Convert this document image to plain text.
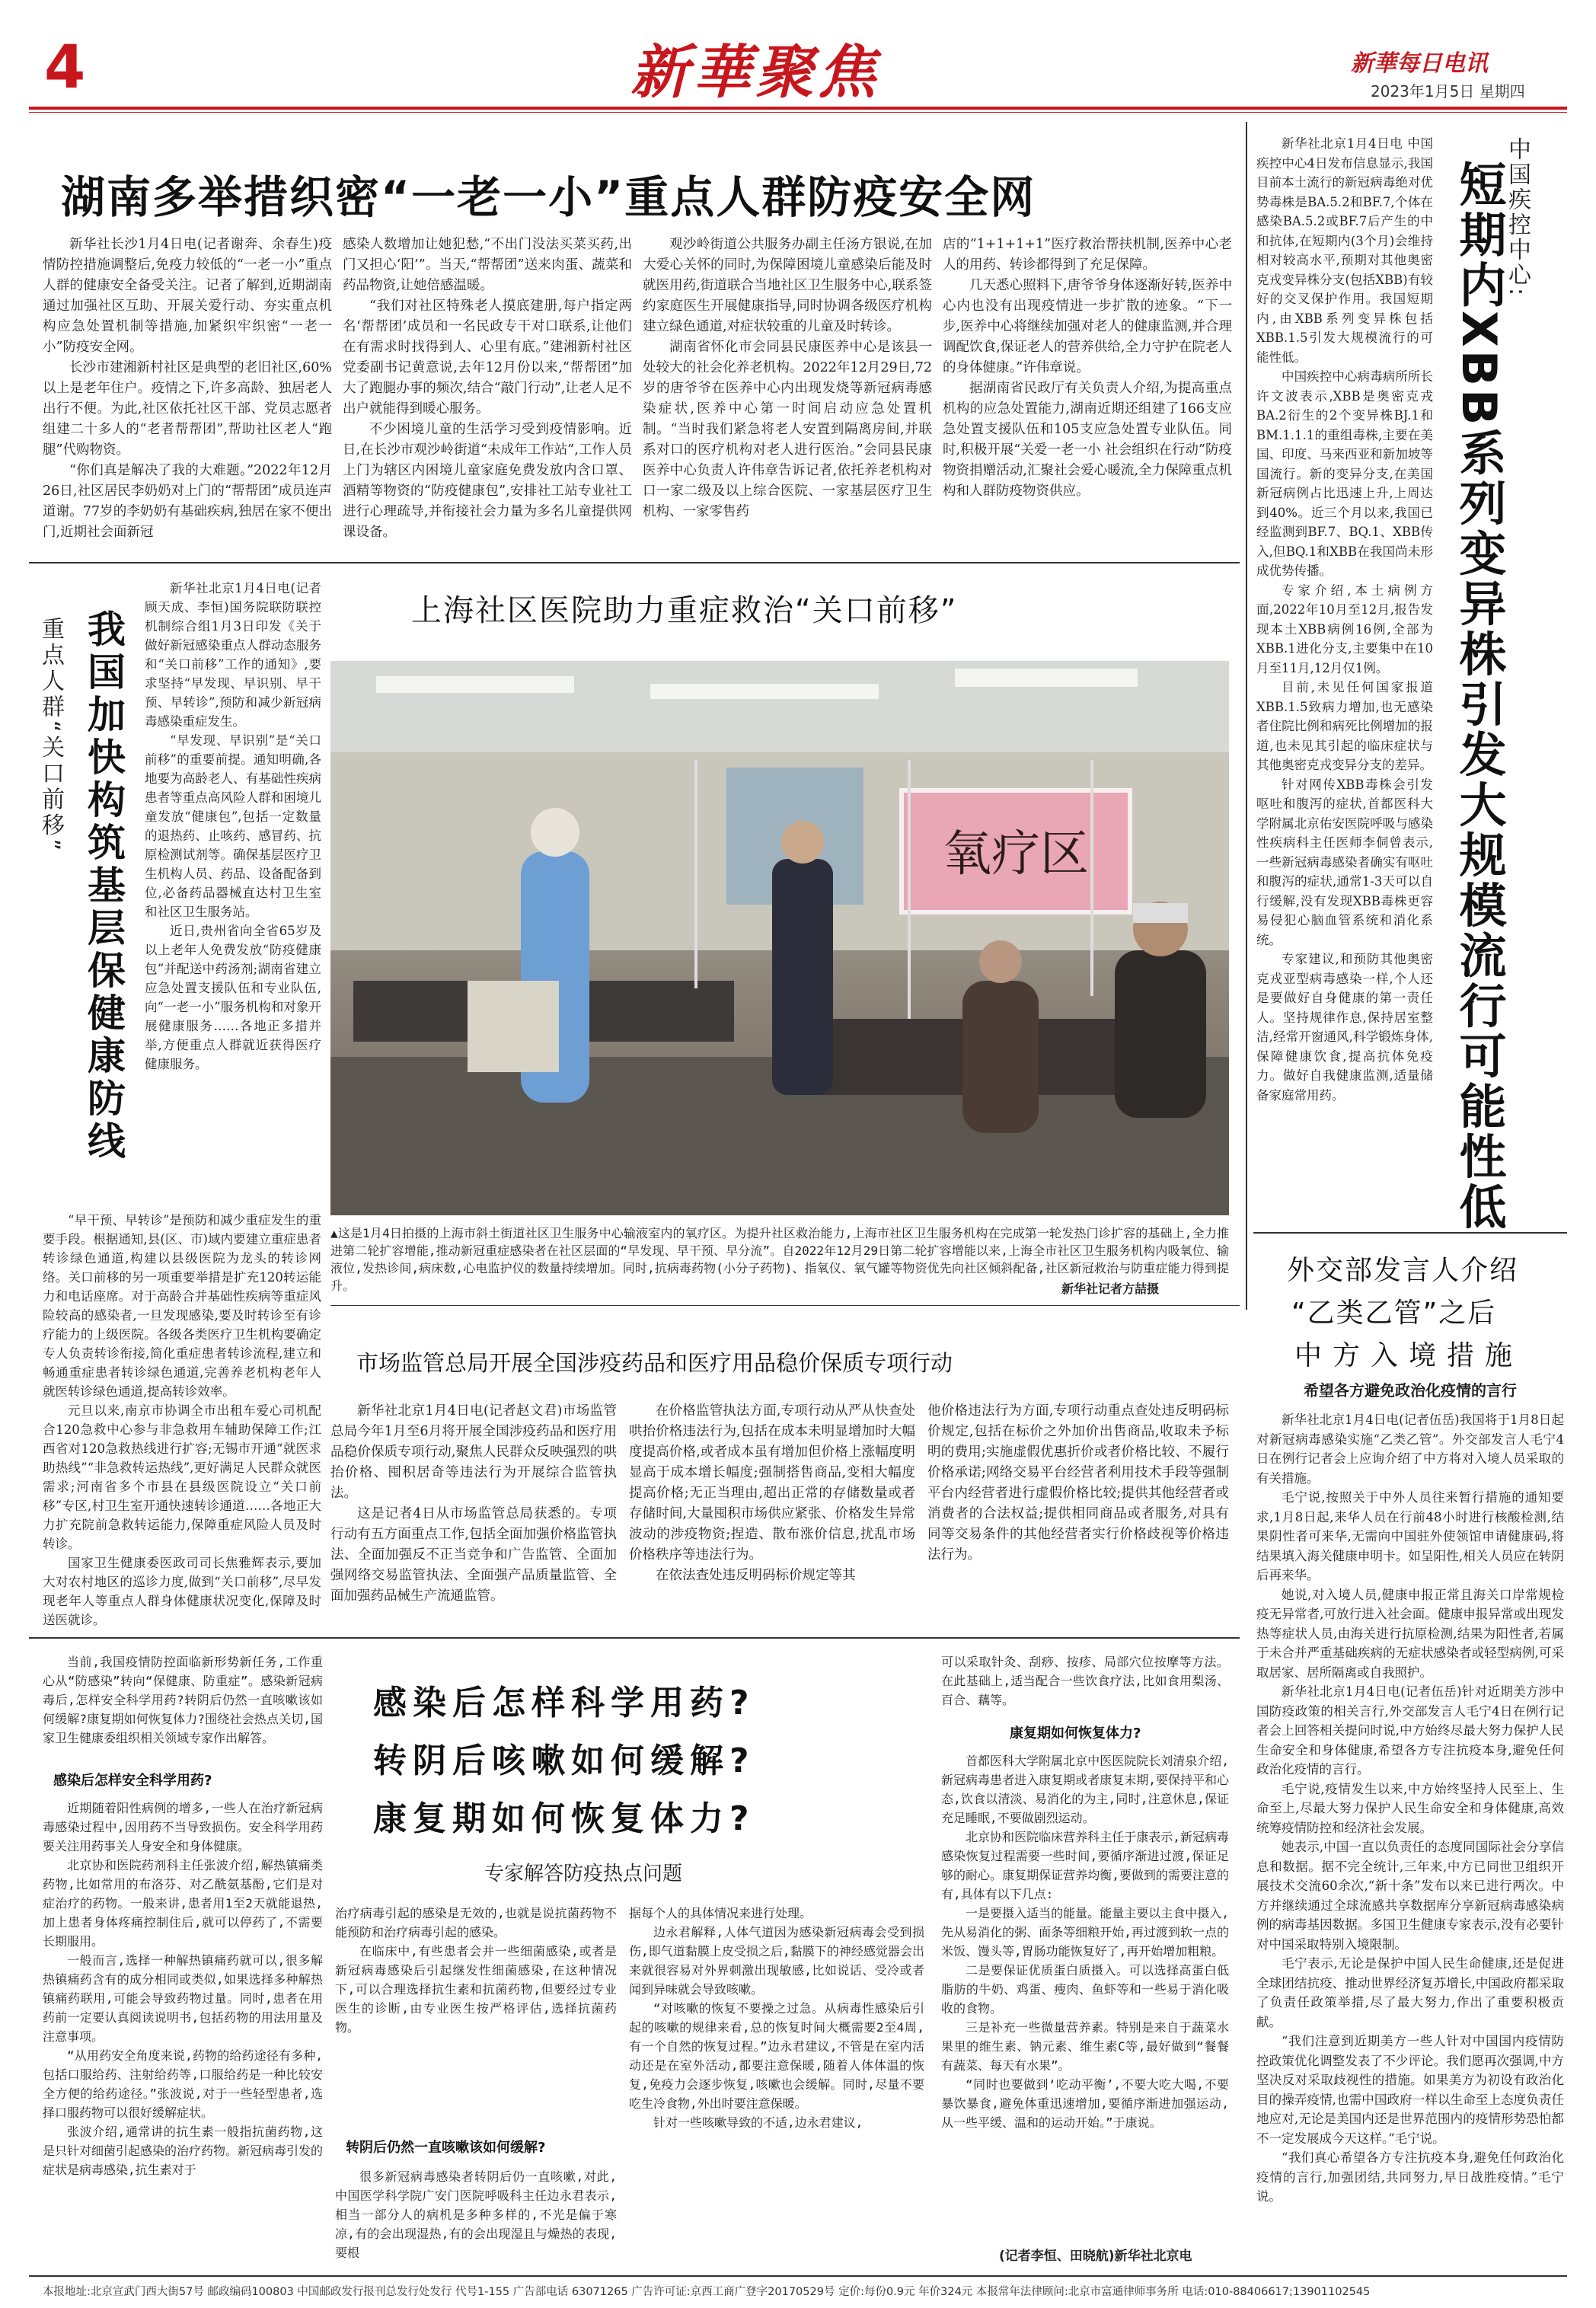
4	新華聚焦	新華每日电讯
2023年1月5日 星期四
湖南多举措织密“一老一小”重点人群防疫安全网

新华社长沙1月4日电(记者谢奔、余春生)疫情防控措施调整后,免疫力较低的“一老一小”重点人群的健康安全备受关注。记者了解到,近期湖南通过加强社区互助、开展关爱行动、夯实重点机构应急处置机制等措施,加紧织牢织密“一老一小”防疫安全网。

长沙市建湘新村社区是典型的老旧社区,60%以上是老年住户。疫情之下,许多高龄、独居老人出行不便。为此,社区依托社区干部、党员志愿者组建二十多人的“老者帮帮团”,帮助社区老人“跑腿”代购物资。

“你们真是解决了我的大难题。”2022年12月26日,社区居民李奶奶对上门的“帮帮团”成员连声道谢。77岁的李奶奶有基础疾病,独居在家不便出门,近期社会面新冠

感染人数增加让她犯愁,“不出门没法买菜买药,出门又担心‘阳’”。当天,“帮帮团”送来肉蛋、蔬菜和药品物资,让她倍感温暖。

“我们对社区特殊老人摸底建册,每户指定两名‘帮帮团’成员和一名民政专干对口联系,让他们在有需求时找得到人、心里有底。”建湘新村社区党委副书记黄意说,去年12月份以来,“帮帮团”加大了跑腿办事的频次,结合“敲门行动”,让老人足不出户就能得到暖心服务。

不少困境儿童的生活学习受到疫情影响。近日,在长沙市观沙岭街道“未成年工作站”,工作人员上门为辖区内困境儿童家庭免费发放内含口罩、酒精等物资的“防疫健康包”,安排社工站专业社工进行心理疏导,并衔接社会力量为多名儿童提供网课设备。

观沙岭街道公共服务办副主任汤方银说,在加大爱心关怀的同时,为保障困境儿童感染后能及时就医用药,街道联合当地社区卫生服务中心,联系签约家庭医生开展健康指导,同时协调各级医疗机构建立绿色通道,对症状较重的儿童及时转诊。

湖南省怀化市会同县民康医养中心是该县一处较大的社会化养老机构。2022年12月29日,72岁的唐爷爷在医养中心内出现发烧等新冠病毒感染症状,医养中心第一时间启动应急处置机制。“当时我们紧急将老人安置到隔离房间,并联系对口的医疗机构对老人进行医治。”会同县民康医养中心负责人许伟章告诉记者,依托养老机构对口一家二级及以上综合医院、一家基层医疗卫生机构、一家零售药

店的“1+1+1+1”医疗救治帮扶机制,医养中心老人的用药、转诊都得到了充足保障。

几天悉心照料下,唐爷爷身体逐渐好转,医养中心内也没有出现疫情进一步扩散的迹象。“下一步,医养中心将继续加强对老人的健康监测,并合理调配饮食,保证老人的营养供给,全力守护在院老人的身体健康。”许伟章说。

据湖南省民政厅有关负责人介绍,为提高重点机构的应急处置能力,湖南近期还组建了166支应急处置支援队伍和105支应急处置专业队伍。同时,积极开展“关爱一老一小 社会组织在行动”防疫物资捐赠活动,汇聚社会爱心暖流,全力保障重点机构和人群防疫物资供应。

重点人群“关口前移” 我国加快构筑基层保健康防线

新华社北京1月4日电(记者顾天成、李恒)国务院联防联控机制综合组1月3日印发《关于做好新冠感染重点人群动态服务和“关口前移”工作的通知》,要求坚持“早发现、早识别、早干预、早转诊”,预防和减少新冠病毒感染重症发生。

“早发现、早识别”是“关口前移”的重要前提。通知明确,各地要为高龄老人、有基础性疾病患者等重点高风险人群和困境儿童发放“健康包”,包括一定数量的退热药、止咳药、感冒药、抗原检测试剂等。确保基层医疗卫生机构人员、药品、设备配备到位,必备药品器械直达村卫生室和社区卫生服务站。

近日,贵州省向全省65岁及以上老年人免费发放“防疫健康包”并配送中药汤剂;湖南省建立应急处置支援队伍和专业队伍,向“一老一小”服务机构和对象开展健康服务……各地正多措并举,方便重点人群就近获得医疗健康服务。

“早干预、早转诊”是预防和减少重症发生的重要手段。根据通知,县(区、市)域内要建立重症患者转诊绿色通道,构建以县级医院为龙头的转诊网络。关口前移的另一项重要举措是扩充120转运能力和电话座席。对于高龄合并基础性疾病等重症风险较高的感染者,一旦发现感染,要及时转诊至有诊疗能力的上级医院。各级各类医疗卫生机构要确定专人负责转诊衔接,简化重症患者转诊流程,建立和畅通重症患者转诊绿色通道,完善养老机构老年人就医转诊绿色通道,提高转诊效率。

元旦以来,南京市协调全市出租车爱心司机配合120急救中心参与非急救用车辅助保障工作;江西省对120急救热线进行扩容;无锡市开通“就医求助热线”“非急救转运热线”,更好满足人民群众就医需求;河南省多个市县在县级医院设立“关口前移”专区,村卫生室开通快速转诊通道……各地正大力扩充院前急救转运能力,保障重症风险人员及时转诊。

国家卫生健康委医政司司长焦雅辉表示,要加大对农村地区的巡诊力度,做到“关口前移”,尽早发现老年人等重点人群身体健康状况变化,保障及时送医就诊。

上海社区医院助力重症救治“关口前移”
氧疗区
▲这是1月4日拍摄的上海市斜土街道社区卫生服务中心输液室内的氧疗区。为提升社区救治能力,上海市社区卫生服务机构在完成第一轮发热门诊扩容的基础上,全力推进第二轮扩容增能,推动新冠重症感染者在社区层面的“早发现、早干预、早分流”。自2022年12月29日第二轮扩容增能以来,上海全市社区卫生服务机构内吸氧位、输液位,发热诊间,病床数,心电监护仪的数量持续增加。同时,抗病毒药物(小分子药物)、指氧仪、氧气罐等物资优先向社区倾斜配备,社区新冠救治与防重症能力得到提升。	新华社记者方喆摄
市场监管总局开展全国涉疫药品和医疗用品稳价保质专项行动

新华社北京1月4日电(记者赵文君)市场监管总局今年1月至6月将开展全国涉疫药品和医疗用品稳价保质专项行动,聚焦人民群众反映强烈的哄抬价格、囤积居奇等违法行为开展综合监管执法。

这是记者4日从市场监管总局获悉的。专项行动有五方面重点工作,包括全面加强价格监管执法、全面加强反不正当竞争和广告监管、全面加强网络交易监管执法、全面强产品质量监管、全面加强药品械生产流通监管。

在价格监管执法方面,专项行动从严从快查处哄抬价格违法行为,包括在成本未明显增加时大幅度提高价格,或者成本虽有增加但价格上涨幅度明显高于成本增长幅度;强制搭售商品,变相大幅度提高价格;无正当理由,超出正常的存储数量或者存储时间,大量囤积市场供应紧张、价格发生异常波动的涉疫物资;捏造、散布涨价信息,扰乱市场价格秩序等违法行为。

在依法查处违反明码标价规定等其

他价格违法行为方面,专项行动重点查处违反明码标价规定,包括在标价之外加价出售商品,收取未予标明的费用;实施虚假优惠折价或者价格比较、不履行价格承诺;网络交易平台经营者利用技术手段等强制平台内经营者进行虚假价格比较;提供其他经营者或消费者的合法权益;提供相同商品或者服务,对具有同等交易条件的其他经营者实行价格歧视等价格违法行为。

中国疾控中心:
短期内XBB系列变异株引发大规模流行可能性低

新华社北京1月4日电 中国疾控中心4日发布信息显示,我国目前本土流行的新冠病毒绝对优势毒株是BA.5.2和BF.7,个体在感染BA.5.2或BF.7后产生的中和抗体,在短期内(3个月)会维持相对较高水平,预期对其他奥密克戎变异株分支(包括XBB)有较好的交叉保护作用。我国短期内,由XBB系列变异株包括XBB.1.5引发大规模流行的可能性低。

中国疾控中心病毒病所所长许文波表示,XBB是奥密克戎BA.2衍生的2个变异株BJ.1和BM.1.1.1的重组毒株,主要在美国、印度、马来西亚和新加坡等国流行。新的变异分支,在美国新冠病例占比迅速上升,上周达到40%。近三个月以来,我国已经监测到BF.7、BQ.1、XBB传入,但BQ.1和XBB在我国尚未形成优势传播。

专家介绍,本土病例方面,2022年10月至12月,报告发现本土XBB病例16例,全部为XBB.1进化分支,主要集中在10月至11月,12月仅1例。

目前,未见任何国家报道XBB.1.5致病力增加,也无感染者住院比例和病死比例增加的报道,也未见其引起的临床症状与其他奥密克戎变异分支的差异。

针对网传XBB毒株会引发呕吐和腹泻的症状,首都医科大学附属北京佑安医院呼吸与感染性疾病科主任医师李侗曾表示,一些新冠病毒感染者确实有呕吐和腹泻的症状,通常1-3天可以自行缓解,没有发现XBB毒株更容易侵犯心脑血管系统和消化系统。

专家建议,和预防其他奥密克戎亚型病毒感染一样,个人还是要做好自身健康的第一责任人。坚持规律作息,保持居室整洁,经常开窗通风,科学锻炼身体,保障健康饮食,提高抗体免疫力。做好自我健康监测,适量储备家庭常用药。

外交部发言人介绍
“乙类乙管”之后
中方入境措施
希望各方避免政治化疫情的言行

新华社北京1月4日电(记者伍岳)我国将于1月8日起对新冠病毒感染实施“乙类乙管”。外交部发言人毛宁4日在例行记者会上应询介绍了中方将对入境人员采取的有关措施。

毛宁说,按照关于中外人员往来暂行措施的通知要求,1月8日起,来华人员在行前48小时进行核酸检测,结果阴性者可来华,无需向中国驻外使领馆申请健康码,将结果填入海关健康申明卡。如呈阳性,相关人员应在转阴后再来华。

她说,对入境人员,健康申报正常且海关口岸常规检疫无异常者,可放行进入社会面。健康申报异常或出现发热等症状人员,由海关进行抗原检测,结果为阳性者,若属于未合并严重基础疾病的无症状感染者或轻型病例,可采取居家、居所隔离或自我照护。

新华社北京1月4日电(记者伍岳)针对近期美方涉中国防疫政策的相关言行,外交部发言人毛宁4日在例行记者会上回答相关提问时说,中方始终尽最大努力保护人民生命安全和身体健康,希望各方专注抗疫本身,避免任何政治化疫情的言行。

毛宁说,疫情发生以来,中方始终坚持人民至上、生命至上,尽最大努力保护人民生命安全和身体健康,高效统筹疫情防控和经济社会发展。

她表示,中国一直以负责任的态度同国际社会分享信息和数据。据不完全统计,三年来,中方已同世卫组织开展技术交流60余次,“新十条”发布以来已进行两次。中方并继续通过全球流感共享数据库分享新冠病毒感染病例的病毒基因数据。多国卫生健康专家表示,没有必要针对中国采取特别入境限制。

毛宁表示,无论是保护中国人民生命健康,还是促进全球团结抗疫、推动世界经济复苏增长,中国政府都采取了负责任政策举措,尽了最大努力,作出了重要积极贡献。

“我们注意到近期美方一些人针对中国国内疫情防控政策优化调整发表了不少评论。我们愿再次强调,中方坚决反对采取歧视性的措施。如果美方为初设有政治化目的操弄疫情,也需中国政府一样以生命至上态度负责任地应对,无论是美国内还是世界范围内的疫情形势恐怕都不一定发展成今天这样。”毛宁说。

“我们真心希望各方专注抗疫本身,避免任何政治化疫情的言行,加强团结,共同努力,早日战胜疫情。”毛宁说。

当前,我国疫情防控面临新形势新任务,工作重心从“防感染”转向“保健康、防重症”。感染新冠病毒后,怎样安全科学用药?转阴后仍然一直咳嗽该如何缓解?康复期如何恢复体力?围绕社会热点关切,国家卫生健康委组织相关领域专家作出解答。

感染后怎样安全科学用药?

近期随着阳性病例的增多,一些人在治疗新冠病毒感染过程中,因用药不当导致损伤。安全科学用药要关注用药事关人身安全和身体健康。

北京协和医院药剂科主任张波介绍,解热镇痛类药物,比如常用的布洛芬、对乙酰氨基酚,它们是对症治疗的药物。一般来讲,患者用1至2天就能退热,加上患者身体疼痛控制住后,就可以停药了,不需要长期服用。

一般而言,选择一种解热镇痛药就可以,很多解热镇痛药含有的成分相同或类似,如果选择多种解热镇痛药联用,可能会导致药物过量。同时,患者在用药前一定要认真阅读说明书,包括药物的用法用量及注意事项。

“从用药安全角度来说,药物的给药途径有多种,包括口服给药、注射给药等,口服给药是一种比较安全方便的给药途径。”张波说,对于一些轻型患者,选择口服药物可以很好缓解症状。

张波介绍,通常讲的抗生素一般指抗菌药物,这是只针对细菌引起感染的治疗药物。新冠病毒引发的症状是病毒感染,抗生素对于

感染后怎样科学用药?
转阴后咳嗽如何缓解?
康复期如何恢复体力?
专家解答防疫热点问题

治疗病毒引起的感染是无效的,也就是说抗菌药物不能预防和治疗病毒引起的感染。

在临床中,有些患者会并一些细菌感染,或者是新冠病毒感染后引起继发性细菌感染,在这种情况下,可以合理选择抗生素和抗菌药物,但要经过专业医生的诊断,由专业医生按严格评估,选择抗菌药物。

转阴后仍然一直咳嗽该如何缓解?

很多新冠病毒感染者转阴后仍一直咳嗽,对此,中国医学科学院广安门医院呼吸科主任边永君表示,相当一部分人的病机是多种多样的,不光是偏于寒凉,有的会出现湿热,有的会出现湿且与燥热的表现,要根

据每个人的具体情况来进行处理。

边永君解释,人体气道因为感染新冠病毒会受到损伤,即气道黏膜上皮受损之后,黏膜下的神经感觉器会出来就很容易对外界刺激出现敏感,比如说话、受冷或者闻到异味就会导致咳嗽。

“对咳嗽的恢复不要操之过急。从病毒性感染后引起的咳嗽的规律来看,总的恢复时间大概需要2至4周,有一个自然的恢复过程。”边永君建议,不管是在室内活动还是在室外活动,都要注意保暖,随着人体体温的恢复,免疫力会逐步恢复,咳嗽也会缓解。同时,尽量不要吃生冷食物,外出时要注意保暖。

针对一些咳嗽导致的不适,边永君建议,

可以采取针灸、刮痧、按疹、局部穴位按摩等方法。在此基础上,适当配合一些饮食疗法,比如食用梨汤、百合、藕等。

康复期如何恢复体力?

首都医科大学附属北京中医医院院长刘清泉介绍,新冠病毒患者进入康复期或者康复末期,要保持平和心态,饮食以清淡、易消化的为主,同时,注意休息,保证充足睡眠,不要做剧烈运动。

北京协和医院临床营养科主任于康表示,新冠病毒感染恢复过程需要一些时间,要循序渐进过渡,保证足够的耐心。康复期保证营养均衡,要做到的需要注意的有,具体有以下几点:

一是要摄入适当的能量。能量主要以主食中摄入,先从易消化的粥、面条等细粮开始,再过渡到软一点的米饭、馒头等,胃肠功能恢复好了,再开始增加粗粮。

二是要保证优质蛋白质摄入。可以选择高蛋白低脂肪的牛奶、鸡蛋、瘦肉、鱼虾等和一些易于消化吸收的食物。

三是补充一些微量营养素。特别是来自于蔬菜水果里的维生素、钠元素、维生素C等,最好做到“餐餐有蔬菜、每天有水果”。

“同时也要做到‘吃动平衡’,不要大吃大喝,不要暴饮暴食,避免体重迅速增加,要循序渐进加强运动,从一些平缓、温和的运动开始。”于康说。

(记者李恒、田晓航)新华社北京电
本报地址:北京宣武门西大街57号 邮政编码100803 中国邮政发行报刊总发行处发行 代号1-155 广告部电话 63071265 广告许可证:京西工商广登字20170529号 定价:每份0.9元 年价324元 本报常年法律顾问:北京市富通律师事务所 电话:010-88406617;13901102545
